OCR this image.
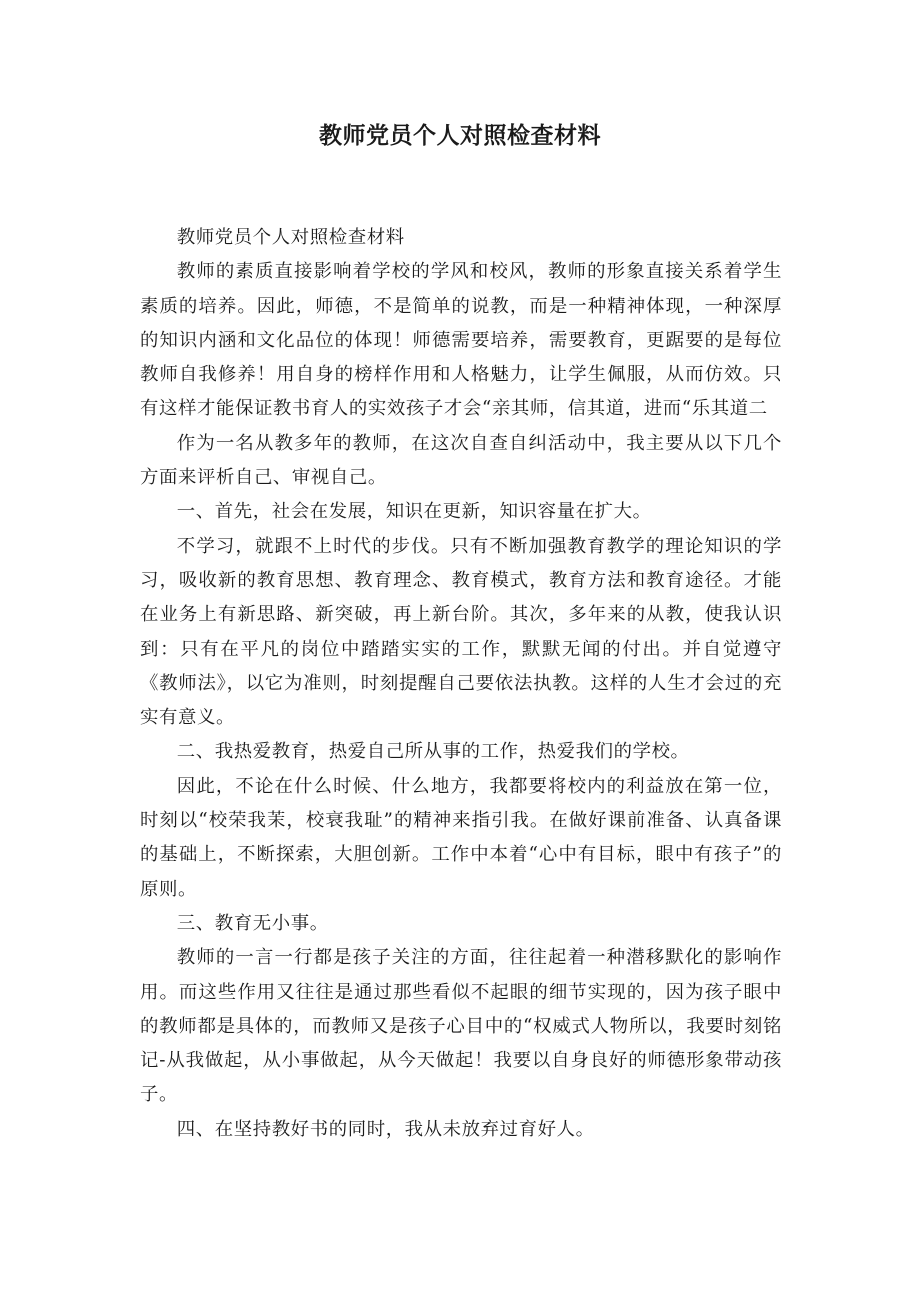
教师党员个人对照检查材料

教师党员个人对照检查材料

教师的素质直接影响着学校的学风和校风，教师的形象直接关系着学生素质的培养。因此，师德，不是简单的说教，而是一种精神体现，一种深厚的知识内涵和文化品位的体现！师德需要培养，需要教育，更踞要的是每位教师自我修养！用自身的榜样作用和人格魅力，让学生佩服，从而仿效。只有这样才能保证教书育人的实效孩子才会“亲其师，信其道，进而“乐其道二

作为一名从教多年的教师，在这次自查自纠活动中，我主要从以下几个方面来评析自己、审视自己。

一、首先，社会在发展，知识在更新，知识容量在扩大。

不学习，就跟不上时代的步伐。只有不断加强教育教学的理论知识的学习，吸收新的教育思想、教育理念、教育模式，教育方法和教育途径。才能在业务上有新思路、新突破，再上新台阶。其次，多年来的从教，使我认识到：只有在平凡的岗位中踏踏实实的工作，默默无闻的付出。并自觉遵守《教师法》，以它为准则，时刻提醒自己要依法执教。这样的人生才会过的充实有意义。

二、我热爱教育，热爱自己所从事的工作，热爱我们的学校。

因此，不论在什么时候、什么地方，我都要将校内的利益放在第一位，时刻以“校荣我茉，校衰我耻”的精神来指引我。在做好课前准备、认真备课的基础上，不断探索，大胆创新。工作中本着“心中有目标，眼中有孩子”的原则。

三、教育无小事。

教师的一言一行都是孩子关注的方面，往往起着一种潜移默化的影响作用。而这些作用又往往是通过那些看似不起眼的细节实现的，因为孩子眼中的教师都是具体的，而教师又是孩子心目中的“权威式人物所以，我要时刻铭记-从我做起，从小事做起，从今天做起！我要以自身良好的师德形象带动孩子。

四、在坚持教好书的同时，我从未放弃过育好人。
